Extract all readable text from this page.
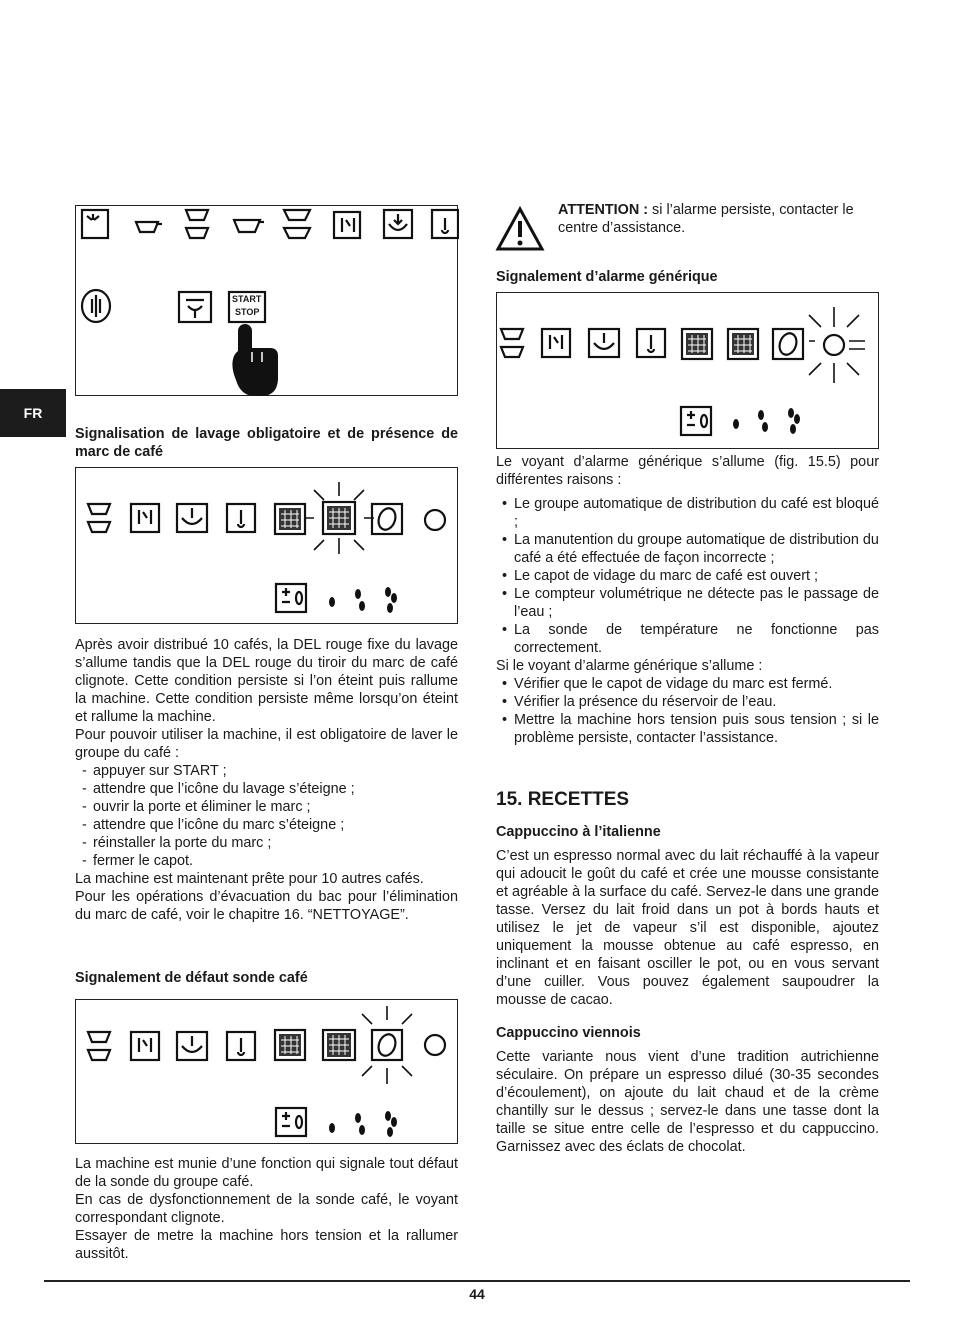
FR
START
STOP

Signalisation de lavage obligatoire et de présence de marc de café

Après avoir distribué 10 cafés, la DEL rouge fixe du lavage s’allume tandis que la DEL rouge du tiroir du marc de café clignote. Cette condition persiste si l’on éteint puis rallume la machine. Cette condition persiste même lorsqu’on éteint et rallume la machine.

Pour pouvoir utiliser la machine, il est obligatoire de laver le groupe du café :

- appuyer sur START ;
- attendre que l’icône du lavage s’éteigne ;
- ouvrir la porte et éliminer le marc ;
- attendre que l’icône du marc s’éteigne ;
- réinstaller la porte du marc ;
- fermer le capot.

La machine est maintenant prête pour 10 autres cafés.

Pour les opérations d’évacuation du bac pour l’élimination du marc de café, voir le chapitre 16. “NETTOYAGE”.

Signalement de défaut sonde café

La machine est munie d’une fonction qui signale tout défaut de la sonde du groupe café.

En cas de dysfonctionnement de la sonde café, le voyant correspondant clignote.

Essayer de metre la machine hors tension et la rallumer aussitôt.

ATTENTION : si l’alarme persiste, contacter le centre d’assistance.

Signalement d’alarme générique

Le voyant d’alarme générique s’allume (fig. 15.5) pour différentes raisons :

• Le groupe automatique de distribution du café est bloqué ;
• La manutention du groupe automatique de distribution du café a été effectuée de façon incorrecte ;
• Le capot de vidage du marc de café est ouvert ;
• Le compteur volumétrique ne détecte pas le passage de l’eau ;
• La sonde de température ne fonctionne pas correctement.

Si le voyant d’alarme générique s’allume :

• Vérifier que le capot de vidage du marc est fermé.
• Vérifier la présence du réservoir de l’eau.
• Mettre la machine hors tension puis sous tension ; si le problème persiste, contacter l’assistance.
15. RECETTES

Cappuccino à l’italienne

C’est un espresso normal avec du lait réchauffé à la vapeur qui adoucit le goût du café et crée une mousse consistante et agréable à la surface du café. Servez-le dans une grande tasse. Versez du lait froid dans un pot à bords hauts et utilisez le jet de vapeur s’il est disponible, ajoutez uniquement la mousse obtenue au café espresso, en inclinant et en faisant osciller le pot, ou en vous servant d’une cuiller. Vous pouvez également saupoudrer la mousse de cacao.

Cappuccino viennois

Cette variante nous vient d’une tradition autrichienne séculaire. On prépare un espresso dilué (30-35 secondes d’écoulement), on ajoute du lait chaud et de la crème chantilly sur le dessus ; servez-le dans une tasse dont la taille se situe entre celle de l’espresso et du cappuccino. Garnissez avec des éclats de chocolat.

44
